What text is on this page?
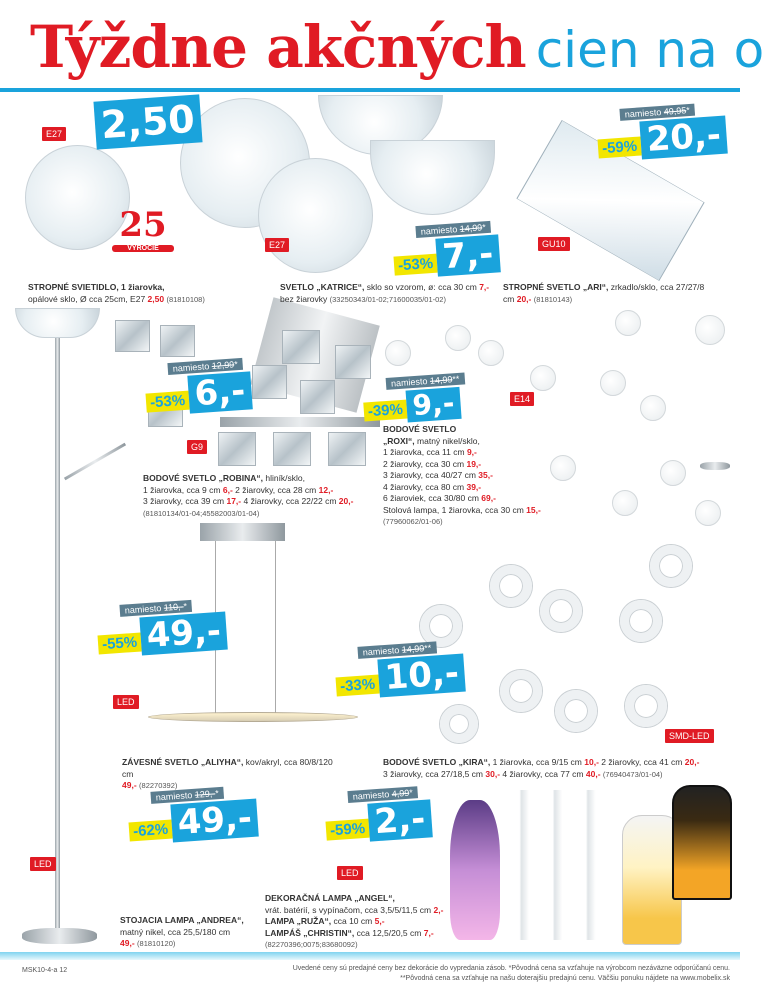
Týždne akčných cien na o
25
VÝROČIE
E27
E27	GU10
G9
E14
LED
SMD-LED
LED
LED
2,50
namiesto 14,99*
-53% 7,-
namiesto 49,95*
-59% 20,-
namiesto 12,99*
-53% 6,-	namiesto 14,99**
-39% 9,-
namiesto 110,-*
-55% 49,-	namiesto 14,99**
-33% 10,-
namiesto 129,-*
-62% 49,-
namiesto 4,99*
-59% 2,-
STROPNÉ SVIETIDLO, 1 žiarovka,
opálové sklo, Ø cca 25cm, E27 2,50 (81810108)
SVETLO „KATRICE“, sklo so vzorom, ø: cca 30 cm 7,-
bez žiarovky (33250343/01-02;71600035/01-02)
STROPNÉ SVETLO „ARI“, zrkadlo/sklo, cca 27/27/8
cm 20,- (81810143)
BODOVÉ SVETLO „ROBINA“, hliník/sklo,
1 žiarovka, cca 9 cm 6,- 2 žiarovky, cca 28 cm 12,-
3 žiarovky, cca 39 cm 17,- 4 žiarovky, cca 22/22 cm 20,-
(81810134/01-04;45582003/01-04)
BODOVÉ SVETLO
„ROXI“, matný nikel/sklo,
1 žiarovka, cca 11 cm 9,-
2 žiarovky, cca 30 cm 19,-
3 žiarovky, cca 40/27 cm 35,-
4 žiarovky, cca 80 cm 39,-
6 žiaroviek, cca 30/80 cm 69,-
Stolová lampa, 1 žiarovka, cca 30 cm 15,-
(77960062/01-06)
ZÁVESNÉ SVETLO „ALIYHA“, kov/akryl, cca 80/8/120 cm
49,- (82270392)
BODOVÉ SVETLO „KIRA“, 1 žiarovka, cca 9/15 cm 10,- 2 žiarovky, cca 41 cm 20,-
3 žiarovky, cca 27/18,5 cm 30,- 4 žiarovky, cca 77 cm 40,- (76940473/01-04)
DEKORAČNÁ LAMPA „ANGEL“,
vrát. batérií, s vypínačom, cca 3,5/5/11,5 cm 2,-
LAMPA „RUŽA“, cca 10 cm 5,-
LAMPÁŠ „CHRISTIN“, cca 12,5/20,5 cm 7,-
(82270396;0075;83680092)
STOJACIA LAMPA „ANDREA“,
matný nikel, cca 25,5/180 cm
49,- (81810120)
MSK10-4-a 12	Uvedené ceny sú predajné ceny bez dekorácie do vypredania zásob. *Pôvodná cena sa vzťahuje na výrobcom nezáväzne odporúčanú cenu.
**Pôvodná cena sa vzťahuje na našu doterajšiu predajnú cenu. Väčšiu ponuku nájdete na www.mobelix.sk
